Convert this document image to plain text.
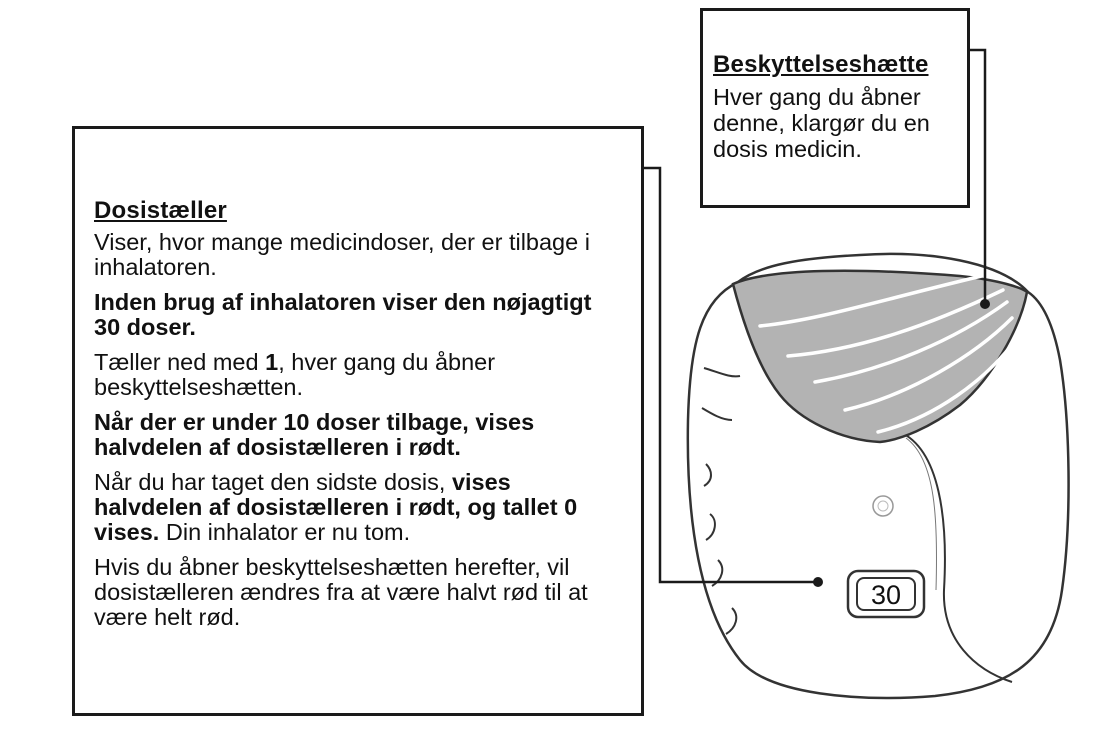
30
Dosistæller

Viser, hvor mange medicindoser, der er tilbage i inhalatoren.

Inden brug af inhalatoren viser den nøjagtigt 30 doser.

Tæller ned med 1, hver gang du åbner beskyttelseshætten.

Når der er under 10 doser tilbage, vises halvdelen af dosistælleren i rødt.

Når du har taget den sidste dosis, vises halvdelen af dosistælleren i rødt, og tallet 0 vises. Din inhalator er nu tom.

Hvis du åbner beskyttelseshætten herefter, vil dosistælleren ændres fra at være halvt rød til at være helt rød.

Beskyttelseshætte

Hver gang du åbner denne, klargør du en dosis medicin.
